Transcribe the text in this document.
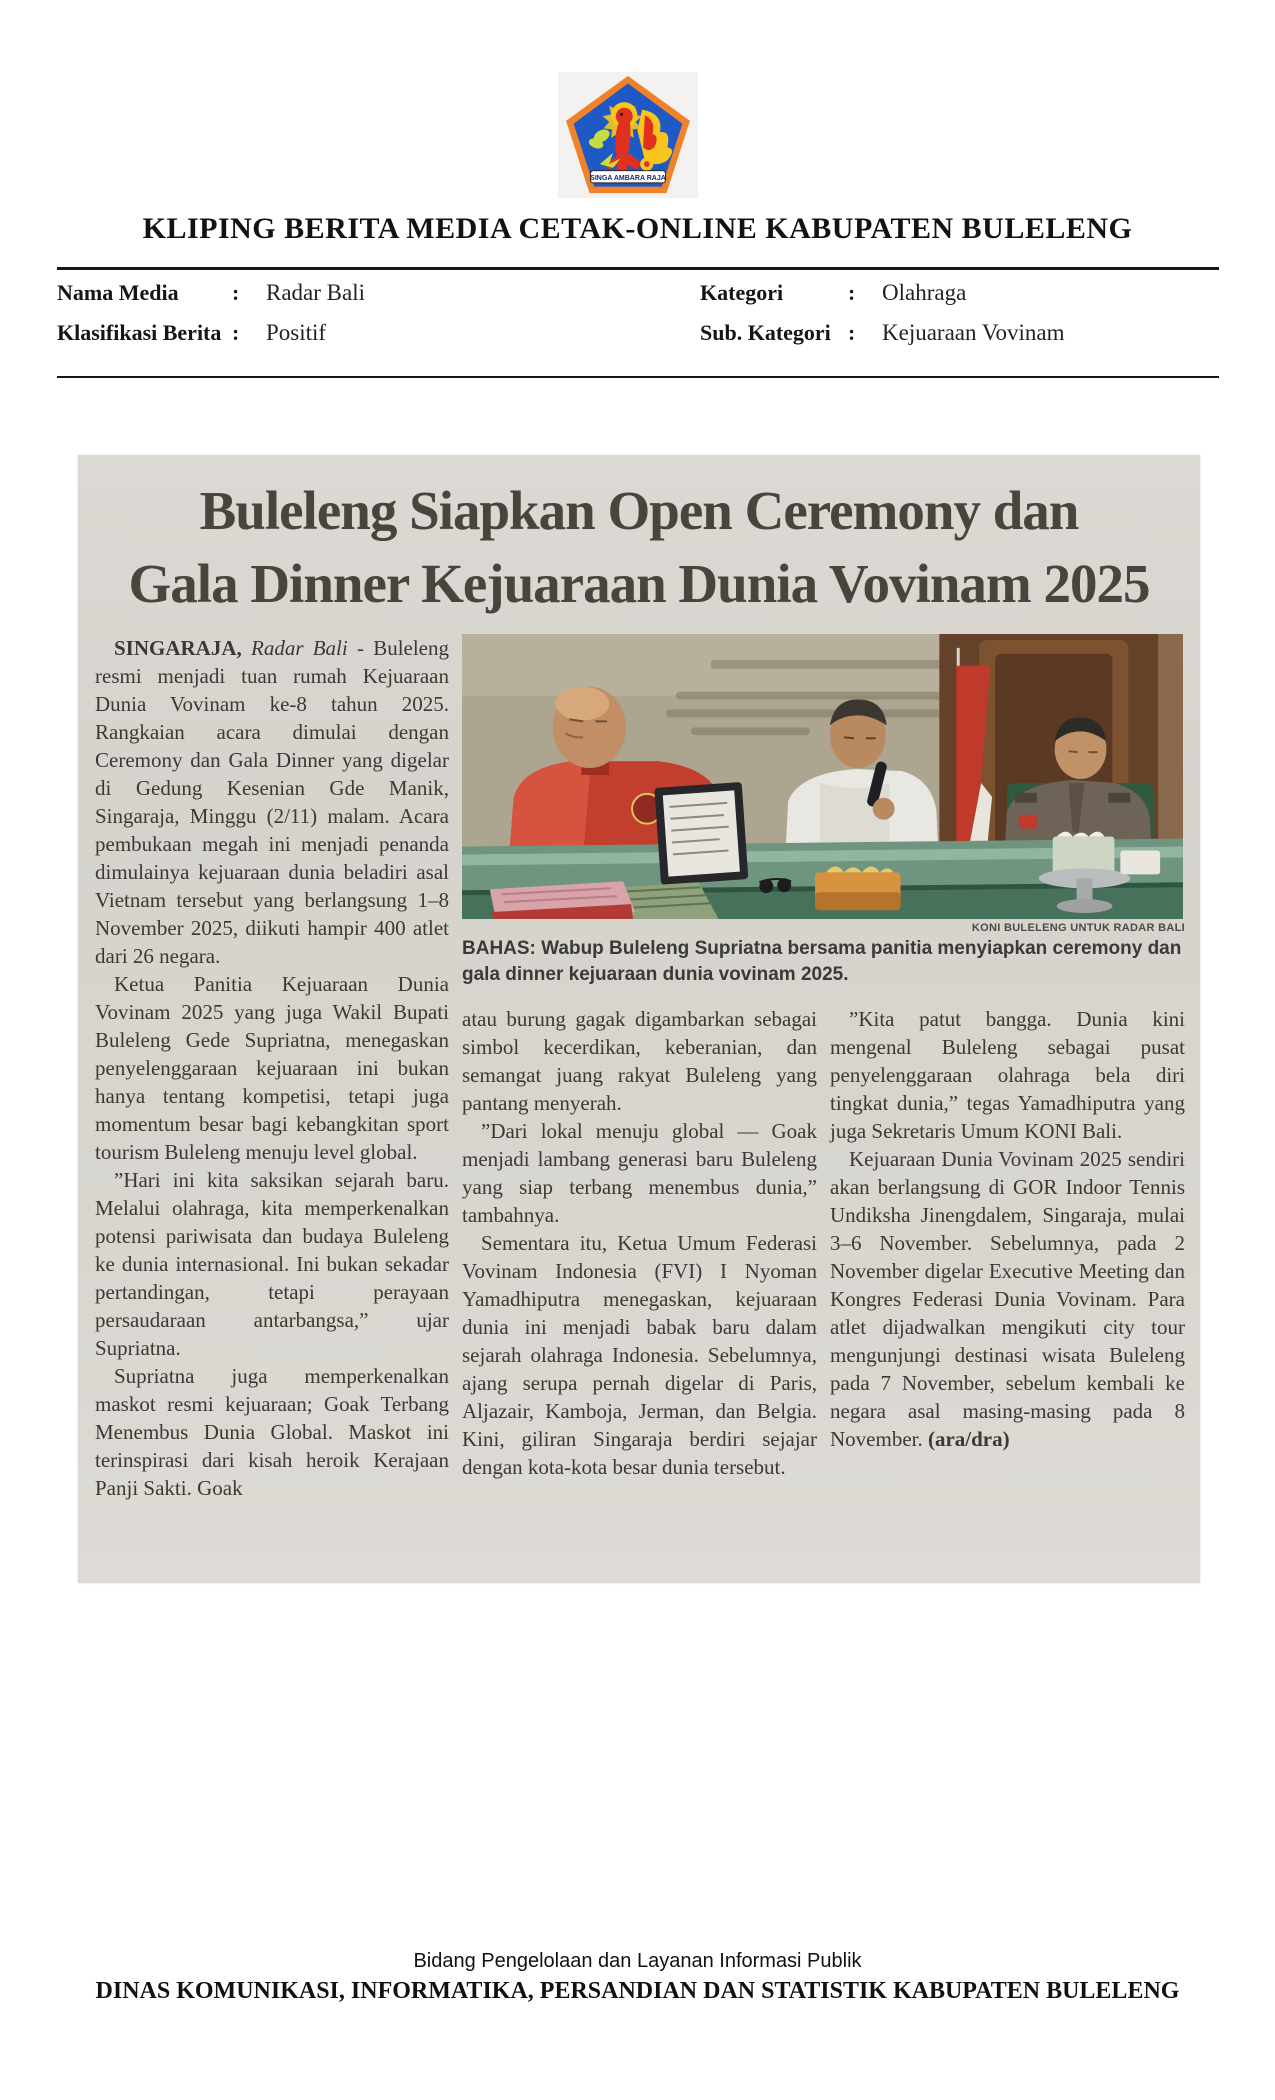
SINGA AMBARA RAJA
KLIPING BERITA MEDIA CETAK-ONLINE KABUPATEN BULELENG
Nama Media	:	Radar Bali
Klasifikasi Berita :	Positif
Kategori	:	Olahraga
Sub. Kategori :	Kejuaraan Vovinam
Buleleng Siapkan Open Ceremony dan
Gala Dinner Kejuaraan Dunia Vovinam 2025

SINGARAJA, Radar Bali - Buleleng resmi menjadi tuan rumah Kejuaraan Dunia Vovinam ke-8 tahun 2025. Rangkaian acara dimulai dengan Ceremony dan Gala Dinner yang digelar di Gedung Kesenian Gde Manik, Singaraja, Minggu (2/11) malam. Acara pembukaan megah ini menjadi penanda dimulainya kejuaraan dunia beladiri asal Vietnam tersebut yang berlangsung 1–8 November 2025, diikuti hampir 400 atlet dari 26 negara.

Ketua Panitia Kejuaraan Dunia Vovinam 2025 yang juga Wakil Bupati Buleleng Gede Supriatna, menegaskan penyelenggaraan kejuaraan ini bukan hanya tentang kompetisi, tetapi juga momentum besar bagi kebangkitan sport tourism Buleleng menuju level global.

”Hari ini kita saksikan sejarah baru. Melalui olahraga, kita memperkenalkan potensi pariwisata dan budaya Buleleng ke dunia internasional. Ini bukan sekadar pertandingan, tetapi perayaan persaudaraan antarbangsa,” ujar Supriatna.

Supriatna juga memperkenalkan maskot resmi kejuaraan; Goak Terbang Menembus Dunia Global. Maskot ini terinspirasi dari kisah heroik Kerajaan Panji Sakti. Goak

KONI BULELENG UNTUK RADAR BALI
BAHAS: Wabup Buleleng Supriatna bersama panitia menyiapkan ceremony dan gala dinner kejuaraan dunia vovinam 2025.

atau burung gagak digambarkan sebagai simbol kecerdikan, keberanian, dan semangat juang rakyat Buleleng yang pantang menyerah.

”Dari lokal menuju global — Goak menjadi lambang generasi baru Buleleng yang siap terbang menembus dunia,” tambahnya.

Sementara itu, Ketua Umum Federasi Vovinam Indonesia (FVI) I Nyoman Yamadhiputra menegaskan, kejuaraan dunia ini menjadi babak baru dalam sejarah olahraga Indonesia. Sebelumnya, ajang serupa pernah digelar di Paris, Aljazair, Kamboja, Jerman, dan Belgia. Kini, giliran Singaraja berdiri sejajar dengan kota-kota besar dunia tersebut.

”Kita patut bangga. Dunia kini mengenal Buleleng sebagai pusat penyelenggaraan olahraga bela diri tingkat dunia,” tegas Yamadhiputra yang juga Sekretaris Umum KONI Bali.

Kejuaraan Dunia Vovinam 2025 sendiri akan berlangsung di GOR Indoor Tennis Undiksha Jinengdalem, Singaraja, mulai 3–6 November. Sebelumnya, pada 2 November digelar Executive Meeting dan Kongres Federasi Dunia Vovinam. Para atlet dijadwalkan mengikuti city tour mengunjungi destinasi wisata Buleleng pada 7 November, sebelum kembali ke negara asal masing-masing pada 8 November. (ara/dra)

Bidang Pengelolaan dan Layanan Informasi Publik
DINAS KOMUNIKASI, INFORMATIKA, PERSANDIAN DAN STATISTIK KABUPATEN BULELENG
